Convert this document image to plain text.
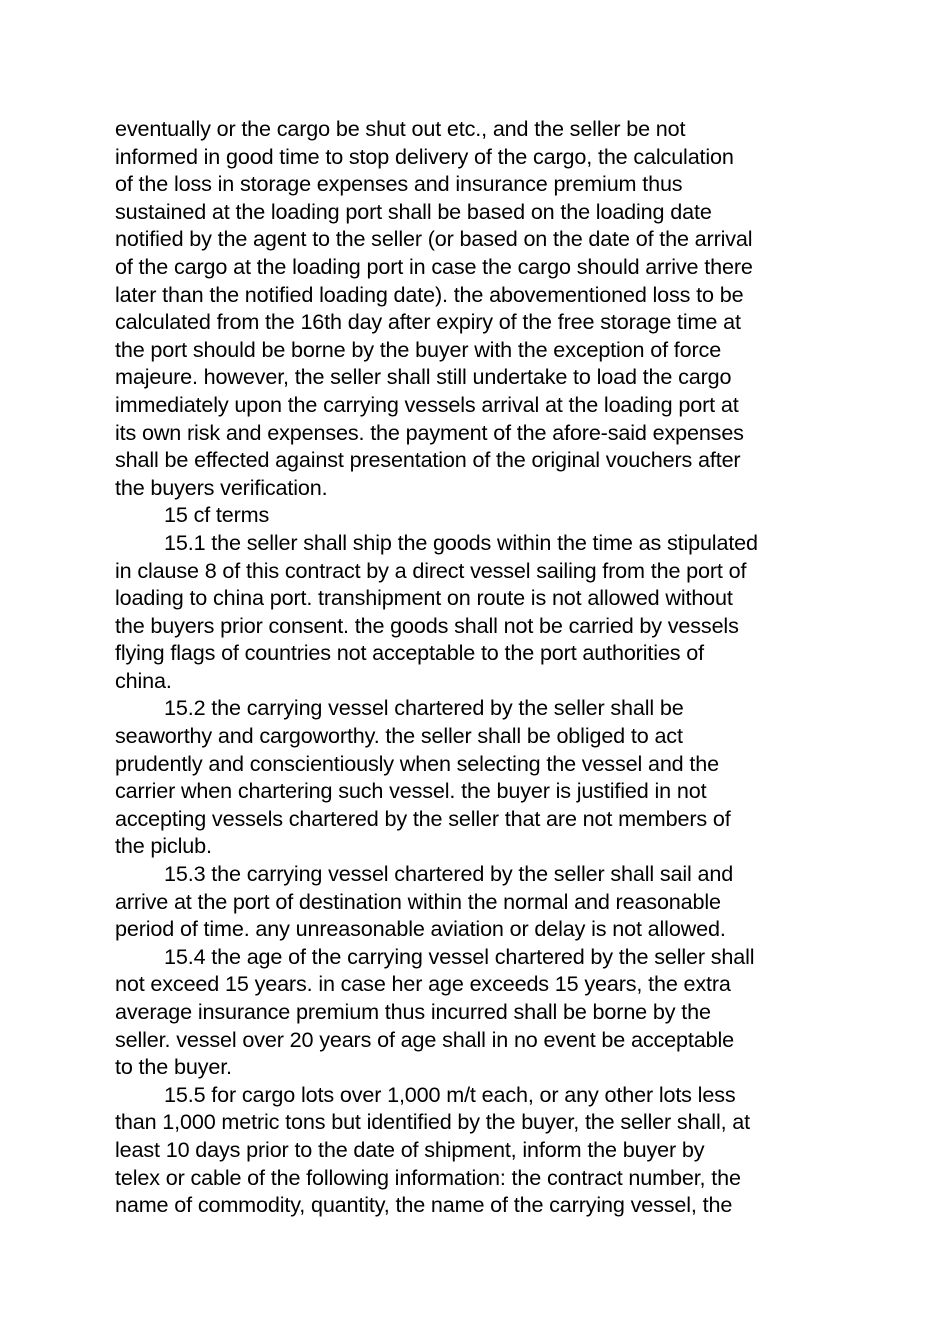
eventually or the cargo be shut out etc., and the seller be not

informed in good time to stop delivery of the cargo, the calculation

of the loss in storage expenses and insurance premium thus

sustained at the loading port shall be based on the loading date

notified by the agent to the seller (or based on the date of the arrival

of the cargo at the loading port in case the cargo should arrive there

later than the notified loading date). the abovementioned loss to be

calculated from the 16th day after expiry of the free storage time at

the port should be borne by the buyer with the exception of force

majeure. however, the seller shall still undertake to load the cargo

immediately upon the carrying vessels arrival at the loading port at

its own risk and expenses. the payment of the afore-said expenses

shall be effected against presentation of the original vouchers after

the buyers verification.

15 cf terms

15.1 the seller shall ship the goods within the time as stipulated

in clause 8 of this contract by a direct vessel sailing from the port of

loading to china port. transhipment on route is not allowed without

the buyers prior consent. the goods shall not be carried by vessels

flying flags of countries not acceptable to the port authorities of

china.

15.2 the carrying vessel chartered by the seller shall be

seaworthy and cargoworthy. the seller shall be obliged to act

prudently and conscientiously when selecting the vessel and the

carrier when chartering such vessel. the buyer is justified in not

accepting vessels chartered by the seller that are not members of

the piclub.

15.3 the carrying vessel chartered by the seller shall sail and

arrive at the port of destination within the normal and reasonable

period of time. any unreasonable aviation or delay is not allowed.

15.4 the age of the carrying vessel chartered by the seller shall

not exceed 15 years. in case her age exceeds 15 years, the extra

average insurance premium thus incurred shall be borne by the

seller. vessel over 20 years of age shall in no event be acceptable

to the buyer.

15.5 for cargo lots over 1,000 m/t each, or any other lots less

than 1,000 metric tons but identified by the buyer, the seller shall, at

least 10 days prior to the date of shipment, inform the buyer by

telex or cable of the following information: the contract number, the

name of commodity, quantity, the name of the carrying vessel, the
